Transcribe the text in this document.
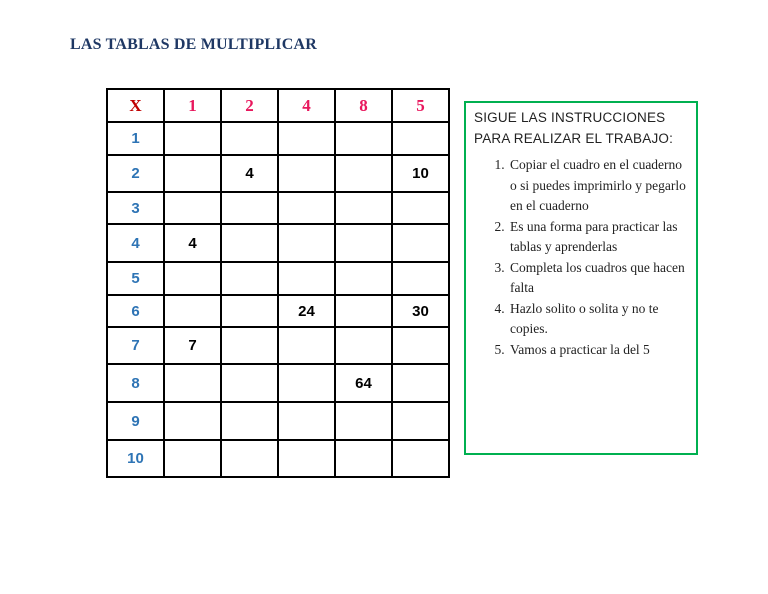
LAS TABLAS DE MULTIPLICAR
X	1	2	4	8	5
1					
2		4			10
3					
4	4				
5					
6			24		30
7	7				
8				64	
9					
10					
SIGUE LAS INSTRUCCIONES PARA REALIZAR EL TRABAJO:
1. Copiar el cuadro en el cuaderno o si puedes imprimirlo y pegarlo en el cuaderno
2. Es una forma para practicar las tablas y aprenderlas
3. Completa los cuadros que hacen falta
4. Hazlo solito o solita y no te copies.
5. Vamos a practicar la del 5
